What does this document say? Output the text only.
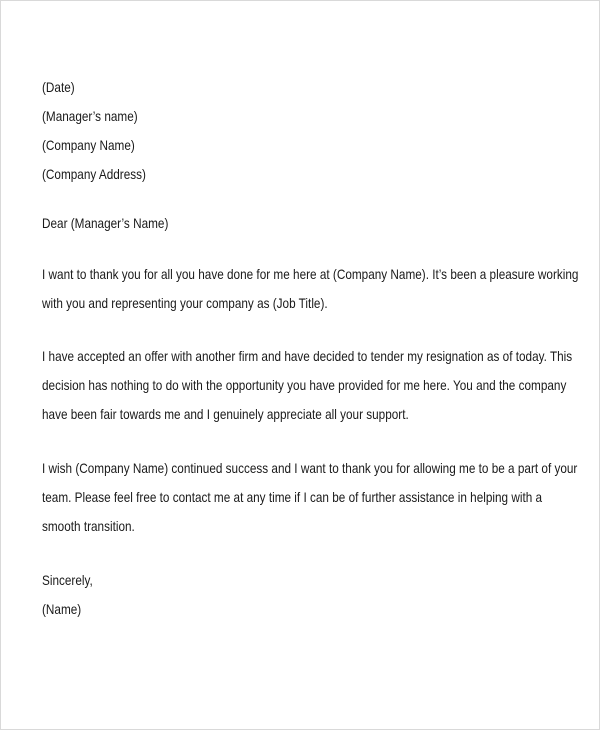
(Date)
(Manager’s name)
(Company Name)
(Company Address)
Dear (Manager’s Name)

I want to thank you for all you have done for me here at (Company Name). It’s been a pleasure working
with you and representing your company as (Job Title).

I have accepted an offer with another firm and have decided to tender my resignation as of today. This
decision has nothing to do with the opportunity you have provided for me here. You and the company
have been fair towards me and I genuinely appreciate all your support.

I wish (Company Name) continued success and I want to thank you for allowing me to be a part of your
team. Please feel free to contact me at any time if I can be of further assistance in helping with a
smooth transition.

Sincerely,
(Name)
